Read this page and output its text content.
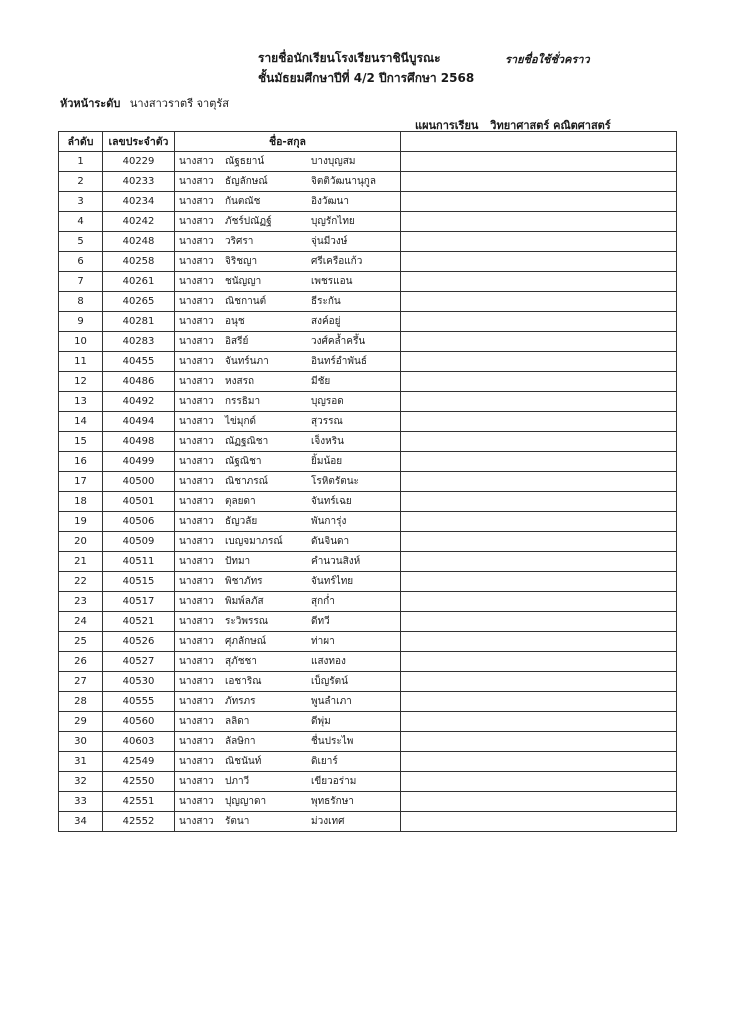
รายชื่อนักเรียนโรงเรียนราชินีบูรณะ	รายชื่อใช้ชั่วคราว
ชั้นมัธยมศึกษาปีที่ 4/2 ปีการศึกษา 2568
หัวหน้าระดับ นางสาวราตรี จาตุรัส
แผนการเรียน วิทยาศาสตร์ คณิตศาสตร์
ลำดับ	เลขประจำตัว	ชื่อ-สกุล	
1	40229	นางสาว ณัฐธยาน์ บางบุญสม	
2	40233	นางสาว ธัญลักษณ์ จิตติวัฒนานุกูล	
3	40234	นางสาว กันตณัช อิงวัฒนา	
4	40242	นางสาว ภัชร์ปณัฏฐ์ บุญรักไทย	
5	40248	นางสาว วริศรา จุ่นมีวงษ์	
6	40258	นางสาว จิริชญา ศรีเครือแก้ว	
7	40261	นางสาว ชนัญญา เพชรแอน	
8	40265	นางสาว ณิชกานต์ ธีระกัน	
9	40281	นางสาว อนุช สงค์อยู่	
10	40283	นางสาว อิสรีย์ วงศ์คล้ำครึ้น	
11	40455	นางสาว จันทร์นภา อินทร์อำพันธ์	
12	40486	นางสาว หงสรถ มีชัย	
13	40492	นางสาว กรรธิมา บุญรอด	
14	40494	นางสาว ไข่มุกด์ สุวรรณ	
15	40498	นางสาว ณัฏฐณิชา เจ็งหริน	
16	40499	นางสาว ณัฐณิชา ยิ้มน้อย	
17	40500	นางสาว ณิชาภรณ์ โรหิตรัตนะ	
18	40501	นางสาว ตุลยดา จันทร์เฉย	
19	40506	นางสาว ธัญวลัย พันการุ่ง	
20	40509	นางสาว เบญจมาภรณ์ ดันจินดา	
21	40511	นางสาว ปัทมา คำนวนสิงห์	
22	40515	นางสาว พิชาภัทร จันทร์ไทย	
23	40517	นางสาว พิมพ์ลภัส สุกก่ำ	
24	40521	นางสาว ระวิพรรณ ดีทวี	
25	40526	นางสาว ศุภลักษณ์ ท่าผา	
26	40527	นางสาว สุภัชชา แสงทอง	
27	40530	นางสาว เอชาริณ เบ็ญรัตน์	
28	40555	นางสาว ภัทรภร พูนลำเภา	
29	40560	นางสาว ลลิดา ดีพุ่ม	
30	40603	นางสาว ลัลษิกา ชื่นประไพ	
31	42549	นางสาว ณิชนันท์ ดิเยาร์	
32	42550	นางสาว ปภาวี เขียวอร่าม	
33	42551	นางสาว ปุญญาดา พุทธรักษา	
34	42552	นางสาว รัตนา ม่วงเทศ	
